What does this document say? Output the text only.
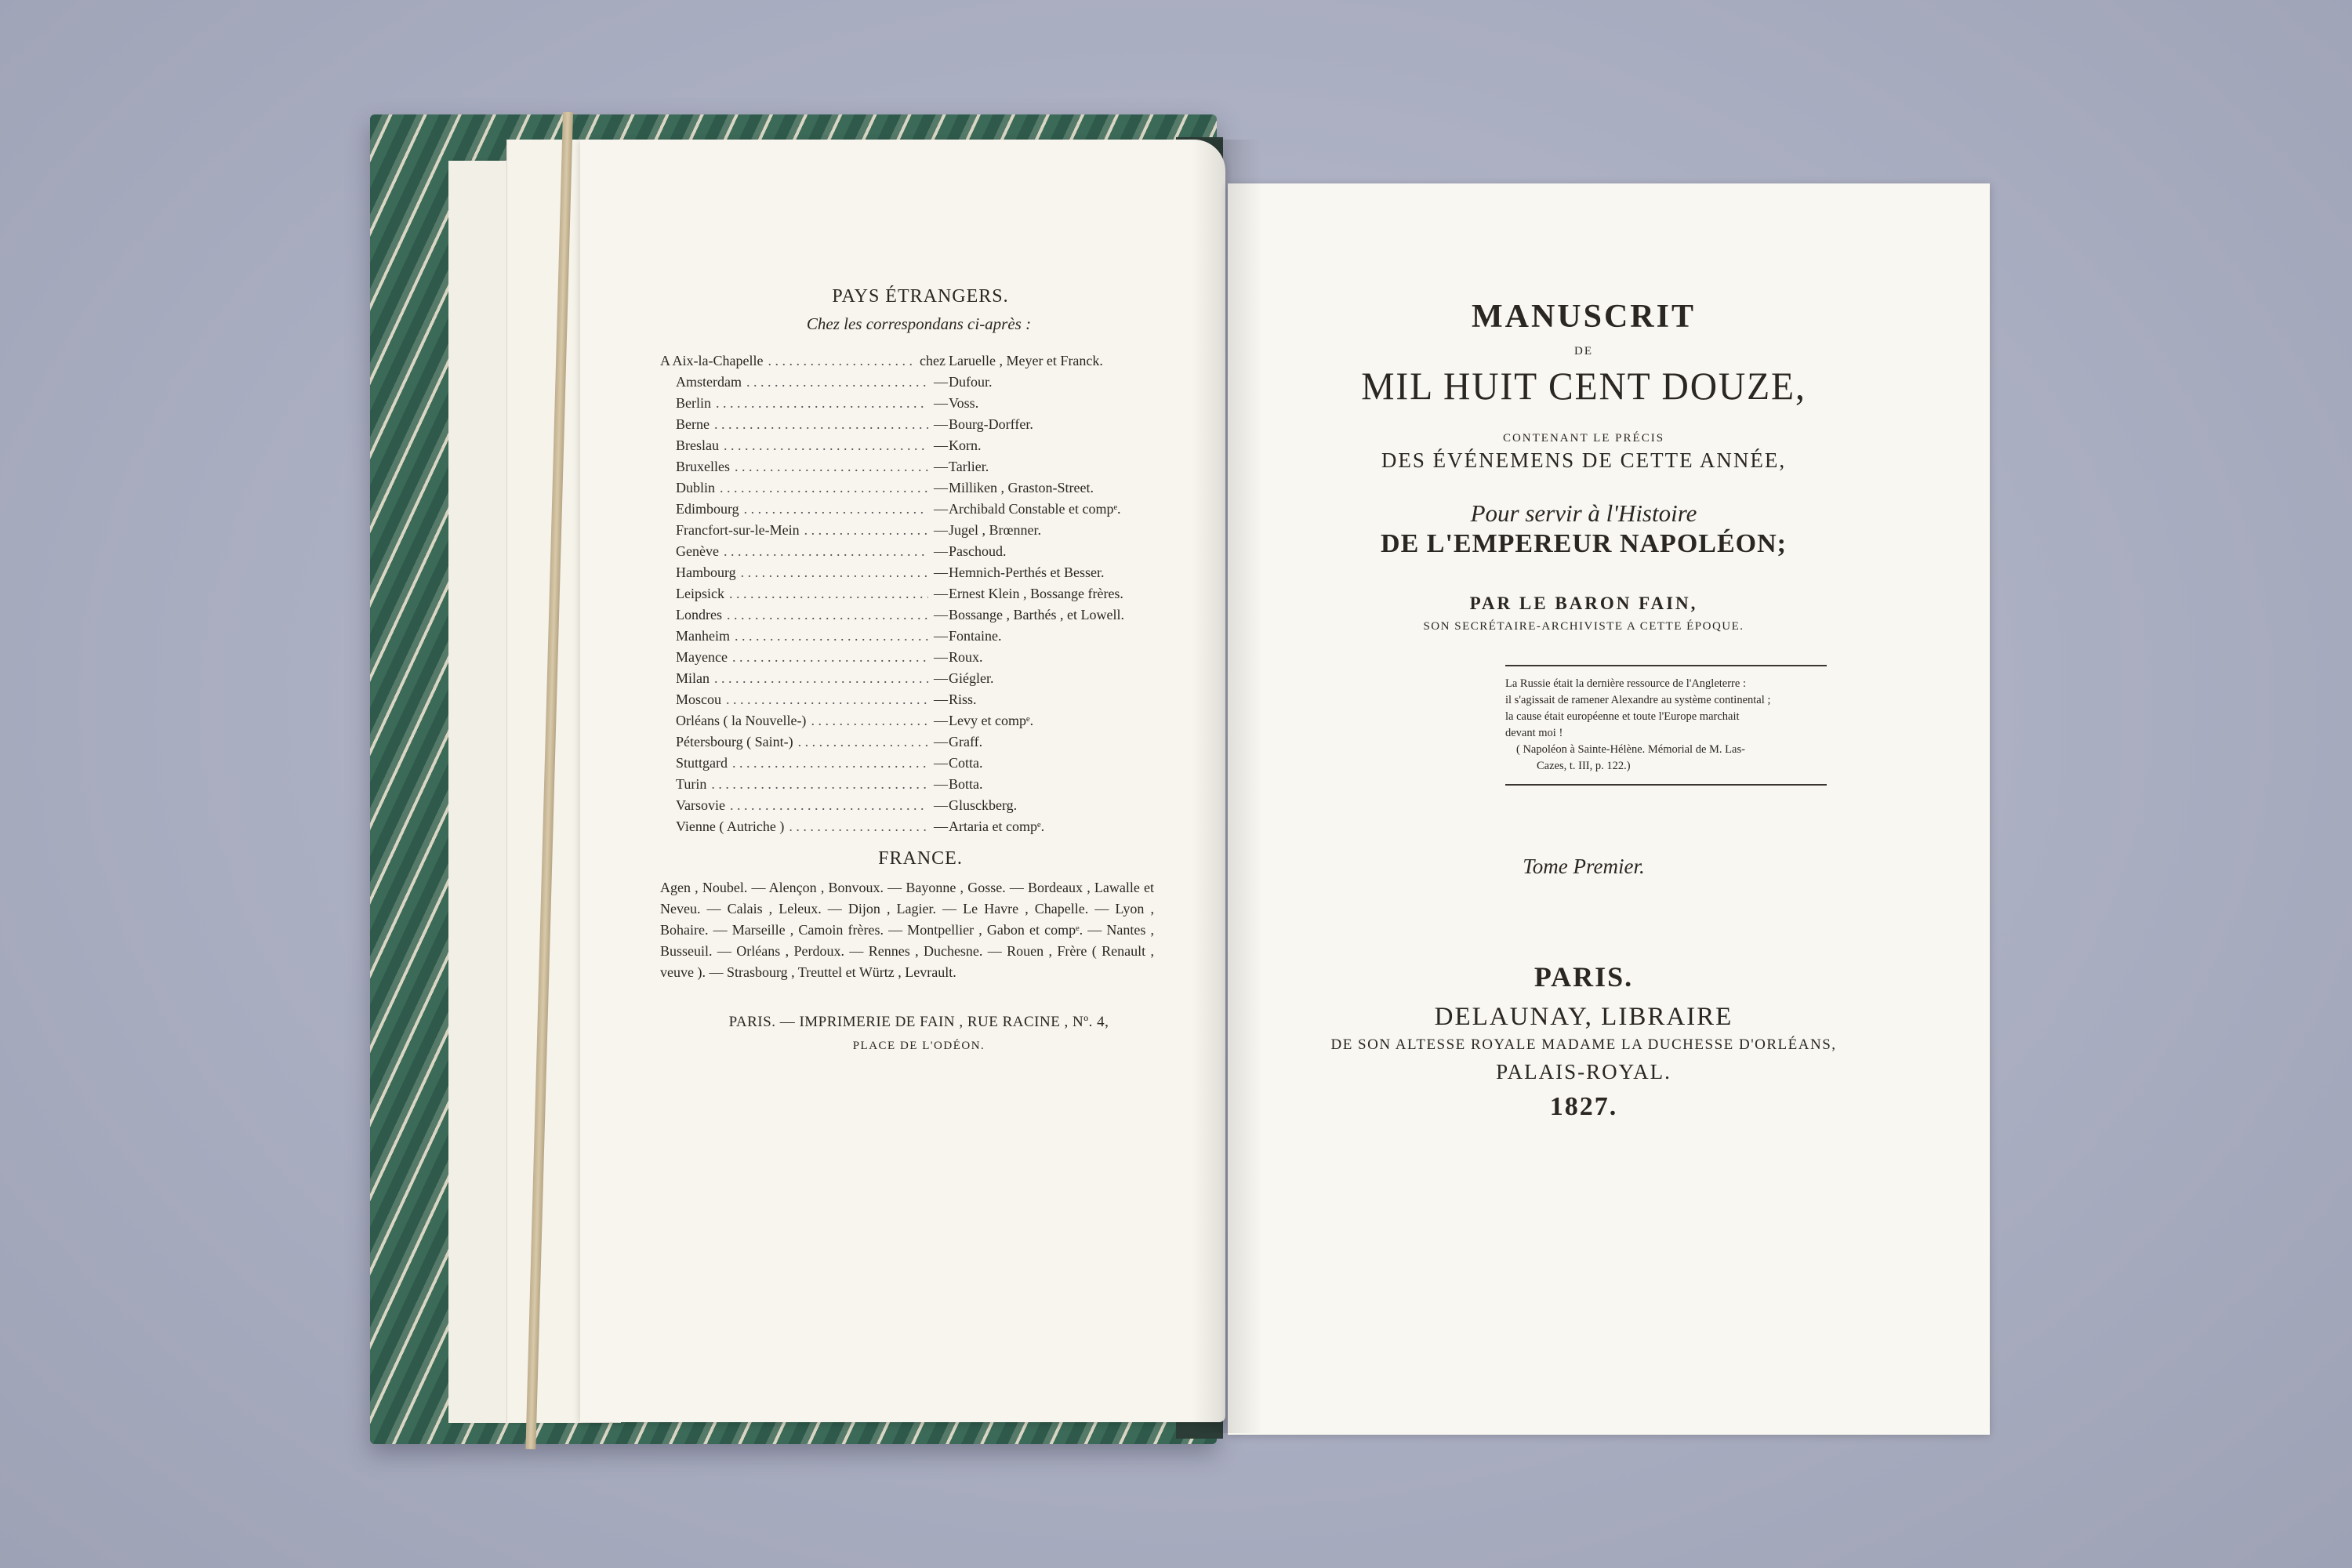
PAYS ÉTRANGERS.
Chez les correspondans ci-après :
A Aix-la-Chapelle . . .	chez Laruelle , Meyer et Franck.
Amsterdam . . .	— Dufour.
Berlin . . .	— Voss.
Berne . . .	— Bourg-Dorffer.
Breslau . . .	— Korn.
Bruxelles . . .	— Tarlier.
Dublin . . .	— Milliken , Graston-Street.
Edimbourg . . .	— Archibald Constable et compᵉ.
Francfort-sur-le-Mein . . .	— Jugel , Brœnner.
Genève . . .	— Paschoud.
Hambourg . . .	— Hemnich-Perthés et Besser.
Leipsick . . .	— Ernest Klein , Bossange frères.
Londres . . .	— Bossange , Barthés , et Lowell.
Manheim . . .	— Fontaine.
Mayence . . .	— Roux.
Milan . . .	— Giégler.
Moscou . . .	— Riss.
Orléans ( la Nouvelle-) . . .	— Levy et compᵉ.
Pétersbourg ( Saint-) . . .	— Graff.
Stuttgard . . .	— Cotta.
Turin . . .	— Botta.
Varsovie . . .	— Glusckberg.
Vienne ( Autriche ) . . .	— Artaria et compᵉ.
FRANCE.
Agen , Noubel. — Alençon , Bonvoux. — Bayonne , Gosse. — Bordeaux , Lawalle et Neveu. — Calais , Leleux. — Dijon , Lagier. — Le Havre , Chapelle. — Lyon , Bohaire. — Marseille , Camoin frères. — Montpellier , Gabon et compᵉ. — Nantes , Busseuil. — Orléans , Perdoux. — Rennes , Duchesne. — Rouen , Frère ( Renault , veuve ). — Strasbourg , Treuttel et Würtz , Levrault.
PARIS. — IMPRIMERIE DE FAIN , RUE RACINE , Nº. 4,
PLACE DE L'ODÉON.
MANUSCRIT
DE
MIL HUIT CENT DOUZE,
CONTENANT LE PRÉCIS
DES ÉVÉNEMENS DE CETTE ANNÉE,
Pour servir à l'Histoire
DE L'EMPEREUR NAPOLÉON;
PAR LE BARON FAIN,
SON SECRÉTAIRE-ARCHIVISTE A CETTE ÉPOQUE.
La Russie était la dernière ressource de l'Angleterre :
il s'agissait de ramener Alexandre au système continental ;
la cause était européenne et toute l'Europe marchait
devant moi !
( Napoléon à Sainte-Hélène. Mémorial de M. Las-
Cazes, t. III, p. 122.)
Tome Premier.
PARIS.
DELAUNAY, LIBRAIRE
DE SON ALTESSE ROYALE MADAME LA DUCHESSE D'ORLÉANS,
PALAIS-ROYAL.
1827.
